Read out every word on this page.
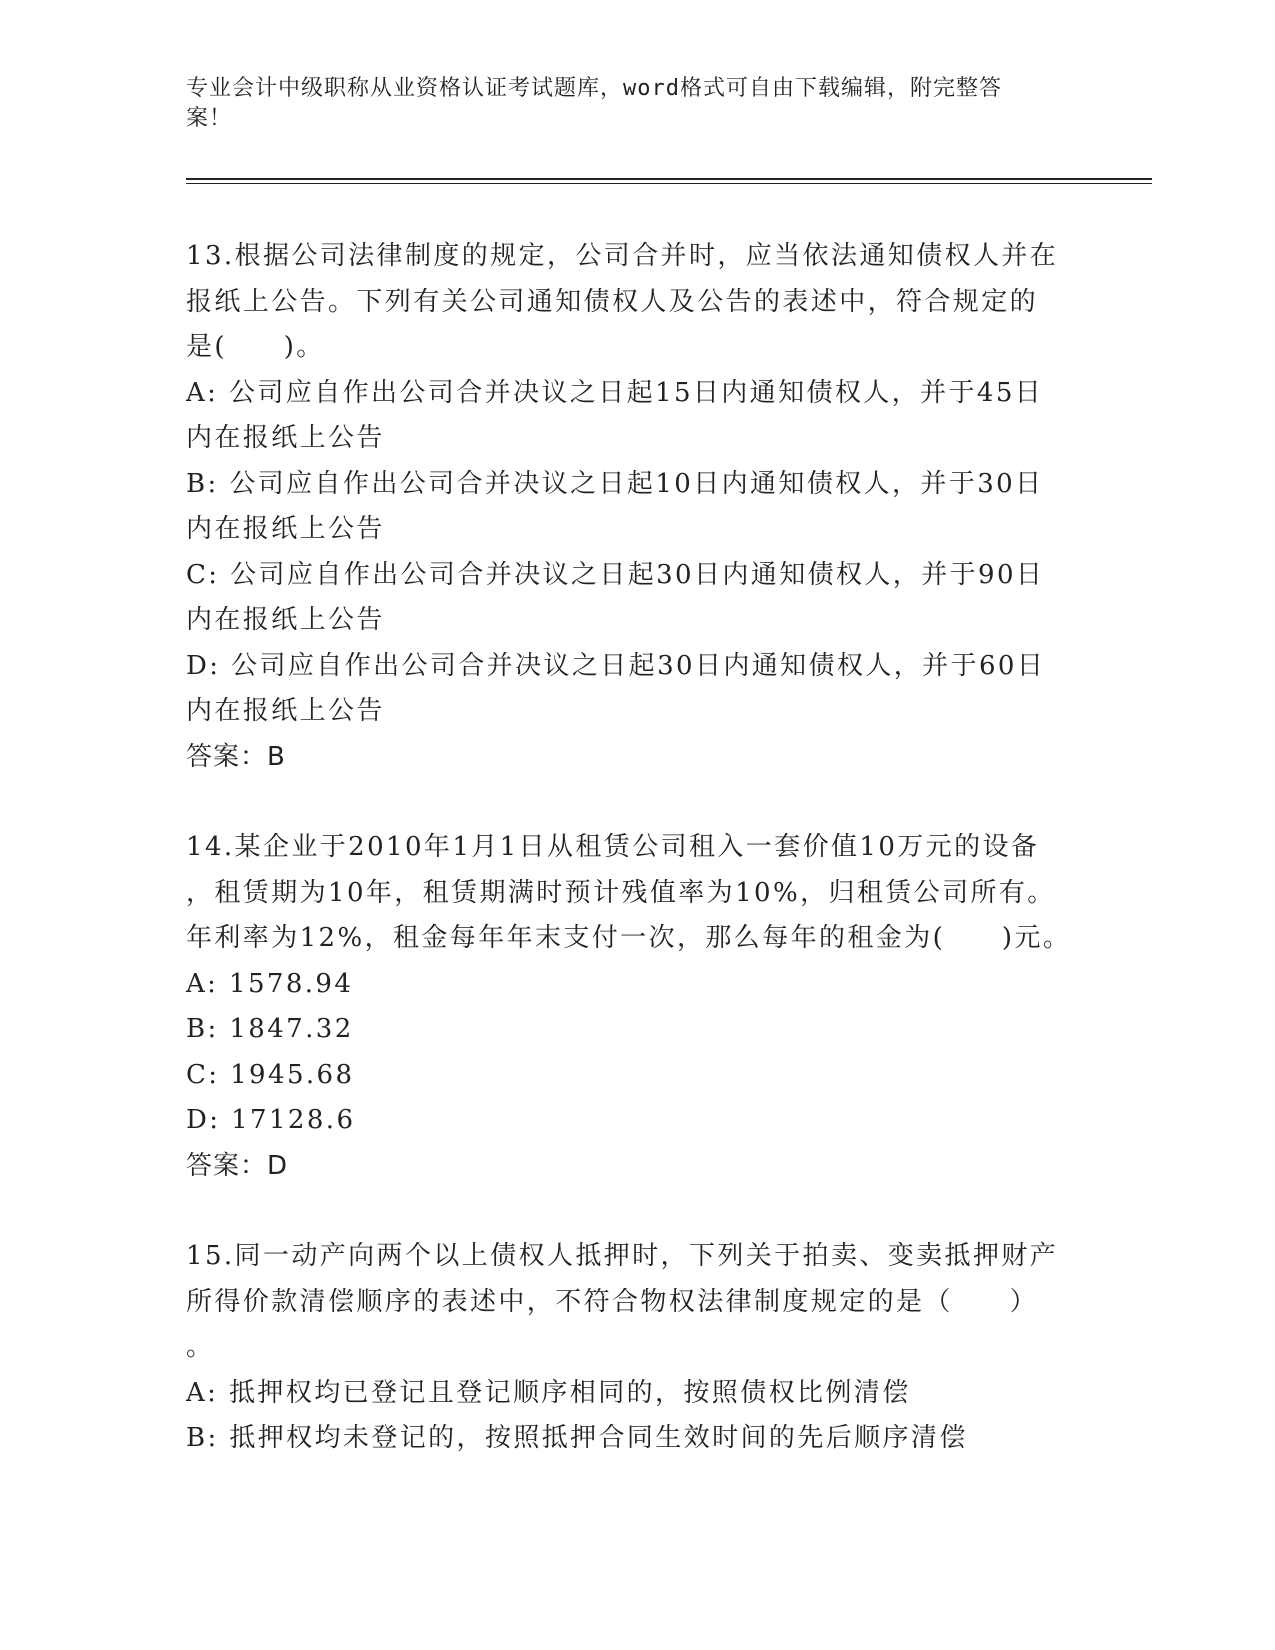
专业会计中级职称从业资格认证考试题库，word格式可自由下载编辑，附完整答
案！
13.根据公司法律制度的规定，公司合并时，应当依法通知债权人并在
报纸上公告。下列有关公司通知债权人及公告的表述中，符合规定的
是(　　)。
A: 公司应自作出公司合并决议之日起15日内通知债权人，并于45日
内在报纸上公告
B: 公司应自作出公司合并决议之日起10日内通知债权人，并于30日
内在报纸上公告
C: 公司应自作出公司合并决议之日起30日内通知债权人，并于90日
内在报纸上公告
D: 公司应自作出公司合并决议之日起30日内通知债权人，并于60日
内在报纸上公告
答案：B
14.某企业于2010年1月1日从租赁公司租入一套价值10万元的设备
，租赁期为10年，租赁期满时预计残值率为10%，归租赁公司所有。
年利率为12%，租金每年年末支付一次，那么每年的租金为(　　)元。
A: 1578.94
B: 1847.32
C: 1945.68
D: 17128.6
答案：D
15.同一动产向两个以上债权人抵押时，下列关于拍卖、变卖抵押财产
所得价款清偿顺序的表述中，不符合物权法律制度规定的是（　　）
。
A: 抵押权均已登记且登记顺序相同的，按照债权比例清偿
B: 抵押权均未登记的，按照抵押合同生效时间的先后顺序清偿
